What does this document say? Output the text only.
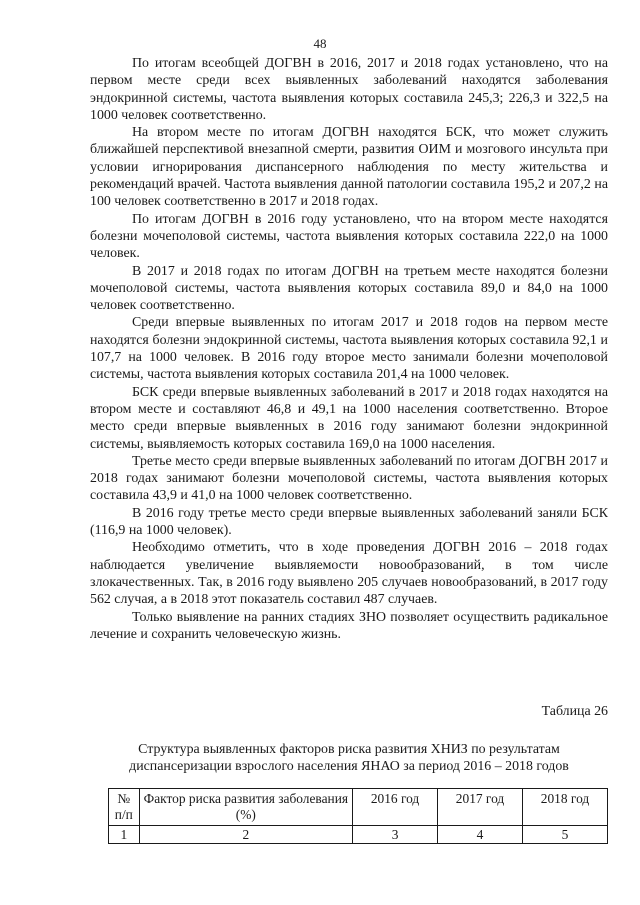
48

По итогам всеобщей ДОГВН в 2016, 2017 и 2018 годах установлено, что на первом месте среди всех выявленных заболеваний находятся заболевания эндокринной системы, частота выявления которых составила 245,3; 226,3 и 322,5 на 1000 человек соответственно.

На втором месте по итогам ДОГВН находятся БСК, что может служить ближайшей перспективой внезапной смерти, развития ОИМ и мозгового инсульта при условии игнорирования диспансерного наблюдения по месту жительства и рекомендаций врачей. Частота выявления данной патологии составила 195,2 и 207,2 на 100 человек соответственно в 2017 и 2018 годах.

По итогам ДОГВН в 2016 году установлено, что на втором месте находятся болезни мочеполовой системы, частота выявления которых составила 222,0 на 1000 человек.

В 2017 и 2018 годах по итогам ДОГВН на третьем месте находятся болезни мочеполовой системы, частота выявления которых составила 89,0 и 84,0 на 1000 человек соответственно.

Среди впервые выявленных по итогам 2017 и 2018 годов на первом месте находятся болезни эндокринной системы, частота выявления которых составила 92,1 и 107,7 на 1000 человек. В 2016 году второе место занимали болезни мочеполовой системы, частота выявления которых составила 201,4 на 1000 человек.

БСК среди впервые выявленных заболеваний в 2017 и 2018 годах находятся на втором месте и составляют 46,8 и 49,1 на 1000 населения соответственно. Второе место среди впервые выявленных в 2016 году занимают болезни эндокринной системы, выявляемость которых составила 169,0 на 1000 населения.

Третье место среди впервые выявленных заболеваний по итогам ДОГВН 2017 и 2018 годах занимают болезни мочеполовой системы, частота выявления которых составила 43,9 и 41,0 на 1000 человек соответственно.

В 2016 году третье место среди впервые выявленных заболеваний заняли БСК (116,9 на 1000 человек).

Необходимо отметить, что в ходе проведения ДОГВН 2016 – 2018 годах наблюдается увеличение выявляемости новообразований, в том числе злокачественных. Так, в 2016 году выявлено 205 случаев новообразований, в 2017 году 562 случая, а в 2018 этот показатель составил 487 случаев.

Только выявление на ранних стадиях ЗНО позволяет осуществить радикальное лечение и сохранить человеческую жизнь.

Таблица 26
Структура выявленных факторов риска развития ХНИЗ по результатам
диспансеризации взрослого населения ЯНАО за период 2016 – 2018 годов
№
п/п	Фактор риска развития заболевания (%)	2016 год	2017 год	2018 год
1	2	3	4	5
